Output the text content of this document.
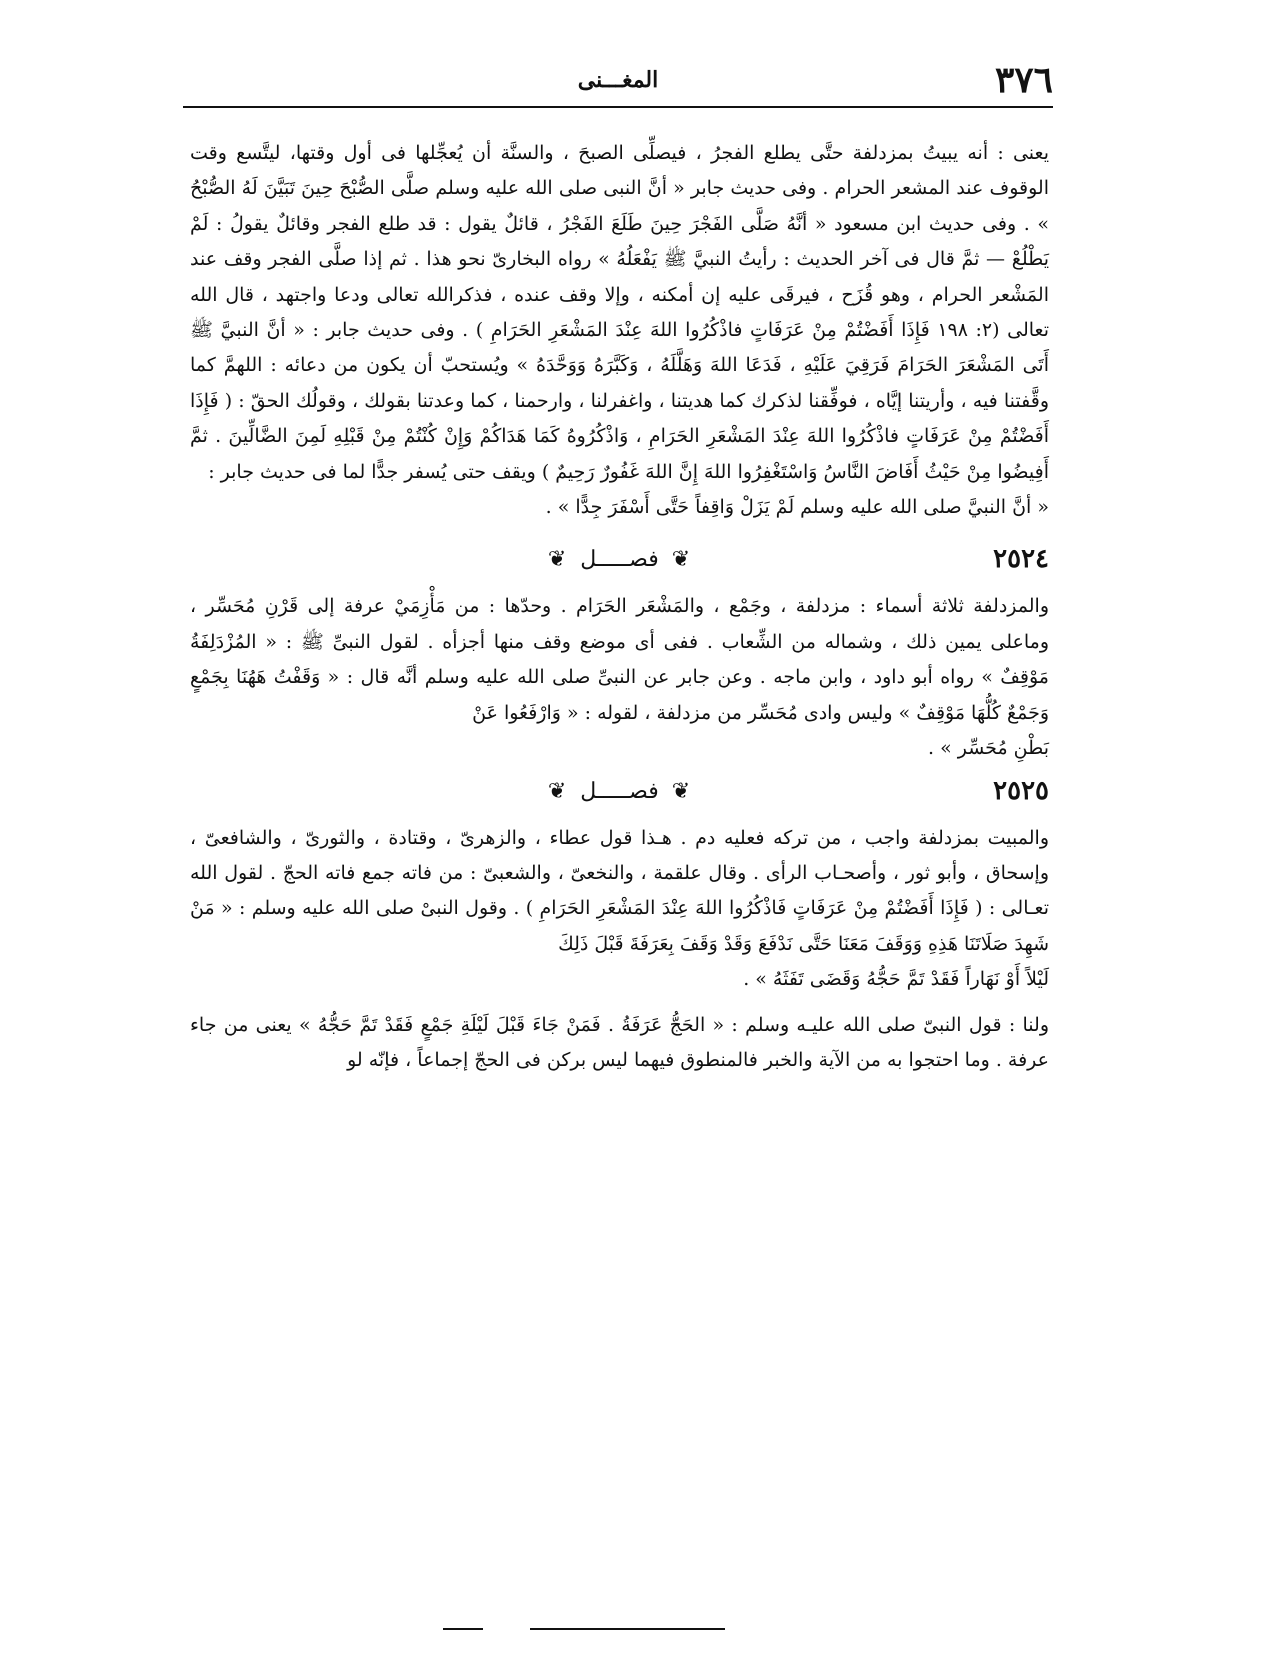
٣٧٦
المغـــنى

يعنى : أنه يبيتُ بمزدلفة حتَّى يطلع الفجرُ ، فيصلِّى الصبحَ ، والسنَّة أن يُعجِّلها فى أول وقتها، ليتَّسع وقت الوقوف عند المشعر الحرام . وفى حديث جابر « أنَّ النبى صلى الله عليه وسلم صلَّى الصُّبْحَ حِينَ تَبَيَّنَ لَهُ الصُّبْحُ » . وفى حديث ابن مسعود « أنَّهُ صَلَّى الفَجْرَ حِينَ طَلَعَ الفَجْرُ ، قائلٌ يقول : قد طلع الفجر وقائلٌ يقولُ : لَمْ يَطْلُعْ — ثمَّ قال فى آخر الحديث : رأيتُ النبيَّ ﷺ يَفْعَلُهُ » رواه البخارىّ نحو هذا . ثم إذا صلَّى الفجر وقف عند المَشْعر الحرام ، وهو قُزَح ، فيرقَى عليه إن أمكنه ، وإلا وقف عنده ، فذكرالله تعالى ودعا واجتهد ، قال الله تعالى (٢: ١٩٨ فَإِذَا أَفَضْتُمْ مِنْ عَرَفَاتٍ فاذْكُرُوا اللهَ عِنْدَ المَشْعَرِ الحَرَامِ ) . وفى حديث جابر : « أنَّ النبيَّ ﷺ أَتَى المَشْعَرَ الحَرَامَ فَرَقِيَ عَلَيْهِ ، فَدَعَا اللهَ وَهَلَّلَهُ ، وَكَبَّرَهُ وَوَحَّدَهُ » ويُستحبّ أن يكون من دعائه : اللهمَّ كما وقَّفتنا فيه ، وأريتنا إيَّاه ، فوفِّقنا لذكرك كما هديتنا ، واغفرلنا ، وارحمنا ، كما وعدتنا بقولك ، وقولُك الحقّ : ( فَإِذَا أَفَضْتُمْ مِنْ عَرَفَاتٍ فاذْكُرُوا اللهَ عِنْدَ المَشْعَرِ الحَرَامِ ، وَاذْكُرُوهُ كَمَا هَدَاكُمْ وَإِنْ كُنْتُمْ مِنْ قَبْلِهِ لَمِنَ الضَّالِّينَ . ثمَّ أَفِيضُوا مِنْ حَيْثُ أَفَاضَ النَّاسُ وَاسْتَغْفِرُوا اللهَ إِنَّ اللهَ غَفُورٌ رَحِيمٌ ) ويقف حتى يُسفر جدًّا لما فى حديث جابر :

« أنَّ النبيَّ صلى الله عليه وسلم لَمْ يَزَلْ وَاقِفاً حَتَّى أَسْفَرَ جِدًّا » .

٢٥٢٤
❦ فصـــــل ❦

والمزدلفة ثلاثة أسماء : مزدلفة ، وجَمْع ، والمَشْعَر الحَرَام . وحدّها : من مَأْزِمَيْ عرفة إلى قَرْنِ مُحَسِّر ، وماعلى يمين ذلك ، وشماله من الشِّعاب . ففى أى موضع وقف منها أجزأه . لقول النبىِّ ﷺ : « المُزْدَلِفَةُ مَوْقِفٌ » رواه أبو داود ، وابن ماجه . وعن جابر عن النبىِّ صلى الله عليه وسلم أنَّه قال : « وَقَفْتُ هَهُنَا بِجَمْعٍ وَجَمْعٌ كُلُّهَا مَوْقِفٌ » وليس وادى مُحَسِّر من مزدلفة ، لقوله : « وَارْفَعُوا عَنْ

بَطْنِ مُحَسِّر » .

٢٥٢٥
❦ فصـــــل ❦

والمبيت بمزدلفة واجب ، من تركه فعليه دم . هـذا قول عطاء ، والزهرىّ ، وقتادة ، والثورىّ ، والشافعىّ ، وإسحاق ، وأبو ثور ، وأصحـاب الرأى . وقال علقمة ، والنخعىّ ، والشعبىّ : من فاته جمع فاته الحجّ . لقول الله تعـالى : ( فَإِذَا أَفَضْتُمْ مِنْ عَرَفَاتٍ فَاذْكُرُوا اللهَ عِنْدَ المَشْعَرِ الحَرَامِ ) . وقول النبىْ صلى الله عليه وسلم : « مَنْ شَهِدَ صَلَاتَنَا هَذِهِ وَوَقَفَ مَعَنَا حَتَّى نَدْفَعَ وَقَدْ وَقَفَ بِعَرَفَةَ قَبْلَ ذَلِكَ

لَيْلاً أَوْ نَهَاراً فَقَدْ تَمَّ حَجُّهُ وَقَضَى تَفَثَهُ » .

ولنا : قول النبىّ صلى الله عليـه وسلم : « الحَجُّ عَرَفَةُ . فَمَنْ جَاءَ قَبْلَ لَيْلَةِ جَمْعٍ فَقَدْ تَمَّ حَجُّهُ » يعنى من جاء عرفة . وما احتجوا به من الآية والخبر فالمنطوق فيهما ليس بركن فى الحجّ إجماعاً ، فإنّه لو
